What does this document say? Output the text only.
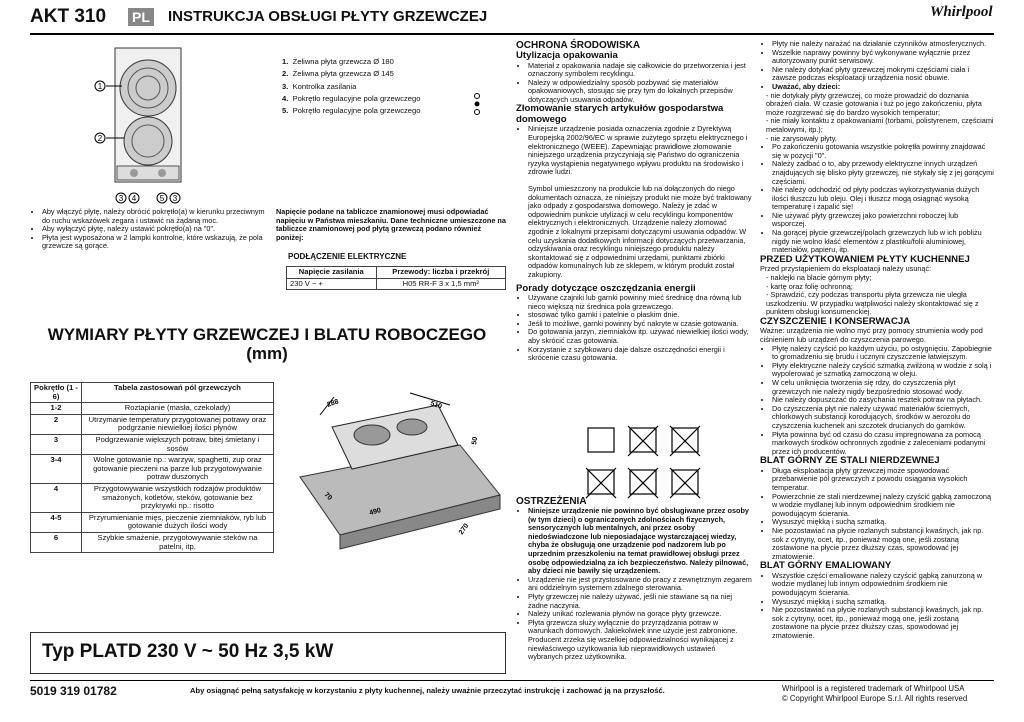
AKT 310 PL INSTRUKCJA OBSŁUGI PŁYTY GRZEWCZEJ	Whirlpool
1
2
3 4	5 3
1. Żeliwna płyta grzewcza Ø 180
2. Żeliwna płyta grzewcza Ø 145
3. Kontrolka zasilania
4. Pokrętło regulacyjne pola grzewczego
5. Pokrętło regulacyjne pola grzewczego
• Aby włączyć płytę, należy obrócić pokrętło(a) w kierunku przeciwnym do ruchu wskazówek zegara i ustawić na żądaną moc.
• Aby wyłączyć płytę, należy ustawić pokrętło(a) na "0".
• Płyta jest wyposażona w 2 lampki kontrolne, które wskazują, że pola grzewcze są gorące.
Napięcie podane na tabliczce znamionowej musi odpowiadać napięciu w Państwa mieszkaniu. Dane techniczne umieszczone na tabliczce znamionowej pod płytą grzewczą podano również poniżej:
PODŁĄCZENIE ELEKTRYCZNE
Napięcie zasilania	Przewody: liczba i przekrój
230 V ~ +	H05 RR-F 3 x 1,5 mm²
WYMIARY PŁYTY GRZEWCZEJ I BLATU ROBOCZEGO (mm)
Pokrętło (1 - 6)	Tabela zastosowań pól grzewczych
1-2	Roztapianie (masła, czekolady)
2	Utrzymanie temperatury przygotowanej potrawy oraz podgrzanie niewielkiej ilości płynów
3	Podgrzewanie większych potraw, bitej śmietany i sosów
3-4	Wolne gotowanie np.: warzyw, spaghetti, zup oraz gotowanie pieczeni na parze lub przygotowywanie potraw duszonych
4	Przygotowywanie wszystkich rodzajów produktów smażonych, kotletów, steków, gotowanie bez przykrywki np.: risotto
4-5	Przyrumienianie mięs, pieczenie ziemniaków, ryb lub gotowanie dużych ilości wody
6	Szybkie smażenie, przygotowywanie steków na patelni, itp.
288	510
50
70
490
270
Typ PLATD 230 V ~ 50 Hz 3,5 kW
OCHRONA ŚRODOWISKA
Utylizacja opakowania
• Materiał z opakowania nadaje się całkowicie do przetworzenia i jest oznaczony symbolem recyklingu.
• Należy w odpowiedzialny sposób pozbywać się materiałów opakowaniowych, stosując się przy tym do lokalnych przepisów dotyczących usuwania odpadów.
Złomowanie starych artykułów gospodarstwa domowego
• Niniejsze urządzenie posiada oznaczenia zgodnie z Dyrektywą Europejską 2002/96/EC w sprawie zużytego sprzętu elektrycznego i elektronicznego (WEEE). Zapewniając prawidłowe złomowanie niniejszego urządzenia przyczyniają się Państwo do ograniczenia ryzyka wystąpienia negatywnego wpływu produktu na środowisko i zdrowie ludzi.
Symbol umieszczony na produkcie lub na dołączonych do niego dokumentach oznacza, że niniejszy produkt nie może być traktowany jako odpady z gospodarstwa domowego. Należy je zdać w odpowiednim punkcie utylizacji w celu recyklingu komponentów elektrycznych i elektronicznych. Urządzenie należy złomować zgodnie z lokalnymi przepisami dotyczącymi usuwania odpadów. W celu uzyskania dodatkowych informacji dotyczących przetwarzania, odzyskiwania oraz recyklingu niniejszego produktu należy skontaktować się z odpowiednimi urzędami, punktami zbiórki odpadów komunalnych lub ze sklepem, w którym produkt został zakupiony.
Porady dotyczące oszczędzania energii
• Używane czajniki lub garnki powinny mieć średnicę dna równą lub nieco większą niż średnica pola grzewczego.
• stosować tylko garnki i patelnie o płaskim dnie.
• Jeśli to możliwe, garnki powinny być nakryte w czasie gotowania.
• Do gotowania jarzyn, ziemniaków itp. używać niewielkiej ilości wody, aby skrócić czas gotowania.
• Korzystanie z szybkowaru daje dalsze oszczędności energii i skrócenie czasu gotowania.
OSTRZEŻENIA
• Niniejsze urządzenie nie powinno być obsługiwane przez osoby (w tym dzieci) o ograniczonych zdolnościach fizycznych, sensorycznych lub mentalnych, ani przez osoby niedoświadczone lub nieposiadające wystarczającej wiedzy, chyba że obsługują one urządzenie pod nadzorem lub po uprzednim przeszkoleniu na temat prawidłowej obsługi przez osobę odpowiedzialną za ich bezpieczeństwo. Należy pilnować, aby dzieci nie bawiły się urządzeniem.
• Urządzenie nie jest przystosowane do pracy z zewnętrznym zegarem ani oddzielnym systemem zdalnego sterowania.
• Płyty grzewczej nie należy używać, jeśli nie stawiane są na niej żadne naczynia.
• Należy unikać rozlewania płynów na gorące płyty grzewcze.
• Płyta grzewcza służy wyłącznie do przyrządzania potraw w warunkach domowych. Jakiekolwiek inne użycie jest zabronione. Producent zrzeka się wszelkiej odpowiedzialności wynikającej z niewłaściwego użytkowania lub nieprawidłowych ustawień wybranych przez użytkownika.
• Płyty nie należy narażać na działanie czynników atmosferycznych.
• Wszelkie naprawy powinny być wykonywane wyłącznie przez autoryzowany punkt serwisowy.
• Nie należy dotykać płyty grzewczej mokrymi częściami ciała i zawsze podczas eksploatacji urządzenia nosić obuwie.
• Uważać, aby dzieci:
- nie dotykały płyty grzewczej, co może prowadzić do doznania obrażeń ciała. W czasie gotowania i tuż po jego zakończeniu, płyta może rozgrzewać się do bardzo wysokich temperatur;
- nie miały kontaktu z opakowaniami (torbami, polistyrenem, częściami metalowymi, itp.);
- nie zarysowały płyty.
• Po zakończeniu gotowania wszystkie pokrętła powinny znajdować się w pozycji "0".
• Należy zadbać o to, aby przewody elektryczne innych urządzeń znajdujących się blisko płyty grzewczej, nie stykały się z jej gorącymi częściami.
• Nie należy odchodzić od płyty podczas wykorzystywania dużych ilości tłuszczu lub oleju. Olej i tłuszcz mogą osiągnąć wysoką temperaturę i zapalić się!
• Nie używać płyty grzewczej jako powierzchni roboczej lub wsporczej.
• Na gorącej płycie grzewczej/polach grzewczych lub w ich pobliżu nigdy nie wolno kłaść elementów z plastiku/folii aluminiowej, materiałów, papieru, itp.
PRZED UŻYTKOWANIEM PŁYTY KUCHENNEJ
Przed przystąpieniem do eksploatacji należy usunąć:
- naklejki na blacie górnym płyty;
- kartę oraz folię ochronną;
- Sprawdzić, czy podczas transportu płyta grzewcza nie uległa uszkodzeniu. W przypadku wątpliwości należy skontaktować się z punktem obsługi konsumenckiej.
CZYSZCZENIE I KONSERWACJA
Ważne: urządzenia nie wolno myć przy pomocy strumienia wody pod ciśnieniem lub urządzeń do czyszczenia parowego.
• Płytę należy czyścić po każdym użyciu, po ostygnięciu. Zapobiegnie to gromadzeniu się brudu i ucznyni czyszczenie łatwiejszym.
• Płyty elektryczne należy czyścić szmatką zwilżoną w wodzie z solą i wypolerować je szmatką zamoczoną w oleju.
• W celu uniknięcia tworzenia się rdzy, do czyszczenia płyt grzewczych nie należy nigdy bezpośrednio stosować wody.
• Nie należy dopuszczać do zasychania resztek potraw na płytach.
• Do czyszczenia płyt nie należy używać materiałów ściernych, chlorkowych substancji korodujących, środków w aerozolu do czyszczenia kuchenek ani szczotek drucianych do garnków.
• Płyta powinna być od czasu do czasu impregnowana za pomocą markowych środków ochronnych zgodnie z zaleceniami podanymi przez ich producentów.
BLAT GÓRNY ZE STALI NIERDZEWNEJ
• Długa eksploatacja płyty grzewczej może spowodować przebarwienie pól grzewczych z powodu osiągania wysokich temperatur.
• Powierzchnie ze stali nierdzewnej należy czyścić gąbką zamoczoną w wodzie mydlanej lub innym odpowiednim środkiem nie powodującym ścierania.
• Wysuszyć miękką i suchą szmatką.
• Nie pozostawiać na płycie rozlanych substancji kwaśnych, jak np. sok z cytryny, ocet, itp., ponieważ mogą one, jeśli zostaną zostawione na płycie przez dłuższy czas, spowodować jej zmatowienie.
BLAT GÓRNY EMALIOWANY
• Wszystkie części emaliowane należy czyścić gąbką zanurzoną w wodzie mydlanej lub innym odpowiednim środkiem nie powodującym ścierania.
• Wysuszyć miękką i suchą szmatką.
• Nie pozostawiać na płycie rozlanych substancji kwaśnych, jak np. sok z cytryny, ocet, itp., ponieważ mogą one, jeśli zostaną zostawione na płycie przez dłuższy czas, spowodować jej zmatowienie.
5019 319 01782	Aby osiągnąć pełną satysfakcję w korzystaniu z płyty kuchennej, należy uważnie przeczytać instrukcję i zachować ją na przyszłość.	Whirlpool is a registered trademark of Whirlpool USA
© Copyright Whirlpool Europe S.r.l. All rights reserved
